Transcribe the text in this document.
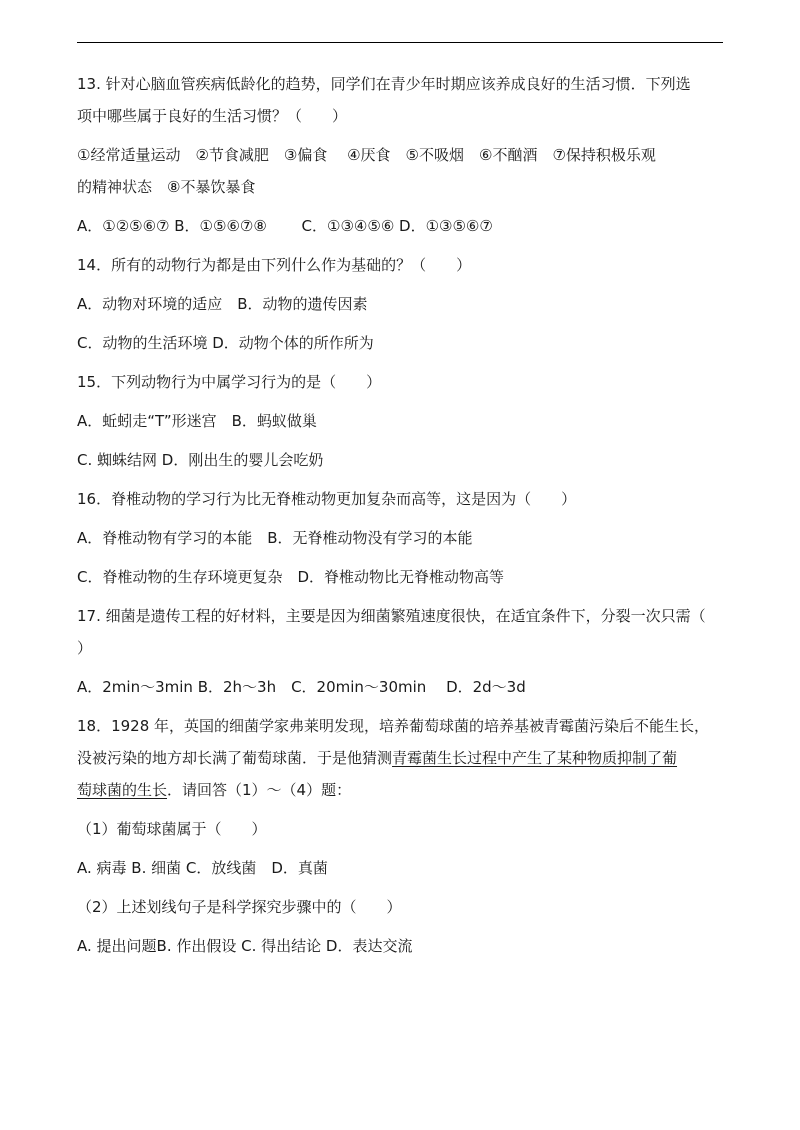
13. 针对心脑血管疾病低龄化的趋势，同学们在青少年时期应该养成良好的生活习惯．下列选

项中哪些属于良好的生活习惯？（　　）

①经常适量运动　②节食减肥　③偏食　 ④厌食　⑤不吸烟　⑥不酗酒　⑦保持积极乐观

的精神状态　⑧不暴饮暴食

A．①②⑤⑥⑦ B．①⑤⑥⑦⑧　　 C．①③④⑤⑥ D．①③⑤⑥⑦

14．所有的动物行为都是由下列什么作为基础的？（　　）

A．动物对环境的适应　B．动物的遗传因素

C．动物的生活环境 D．动物个体的所作所为

15．下列动物行为中属学习行为的是（　　）

A．蚯蚓走“T”形迷宫　B．蚂蚁做巢

C. 蜘蛛结网 D．刚出生的婴儿会吃奶

16．脊椎动物的学习行为比无脊椎动物更加复杂而高等，这是因为（　　）

A．脊椎动物有学习的本能　B．无脊椎动物没有学习的本能

C．脊椎动物的生存环境更复杂　D．脊椎动物比无脊椎动物高等

17. 细菌是遗传工程的好材料，主要是因为细菌繁殖速度很快，在适宜条件下，分裂一次只需（

）

A．2min～3min B．2h～3h　C．20min～30min　 D．2d～3d

18．1928 年，英国的细菌学家弗莱明发现，培养葡萄球菌的培养基被青霉菌污染后不能生长，

没被污染的地方却长满了葡萄球菌．于是他猜测青霉菌生长过程中产生了某种物质抑制了葡

萄球菌的生长．请回答（1）～（4）题：

（1）葡萄球菌属于（　　）

A. 病毒 B. 细菌 C．放线菌　D．真菌

（2）上述划线句子是科学探究步骤中的（　　）

A. 提出问题B. 作出假设 C. 得出结论 D．表达交流
